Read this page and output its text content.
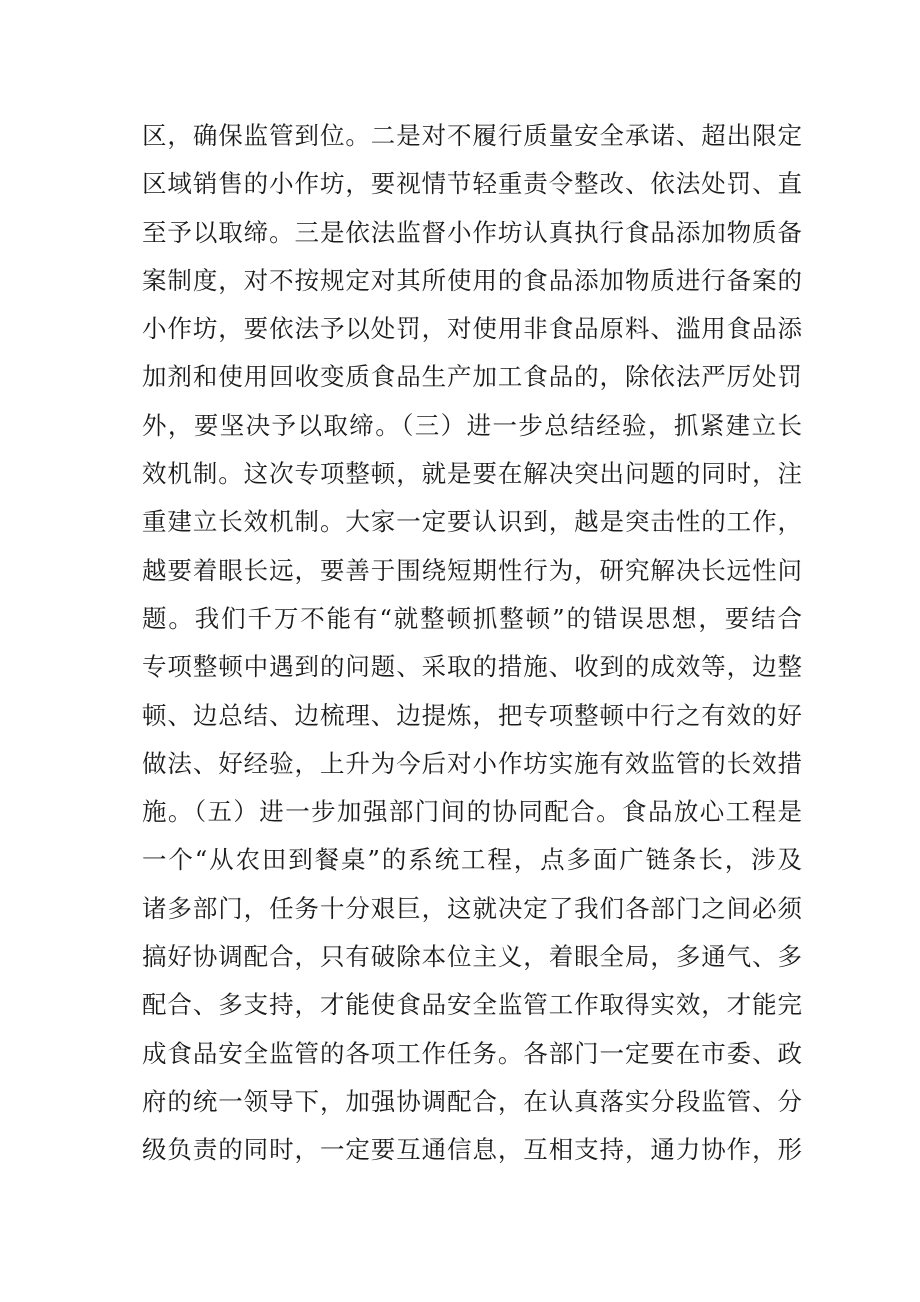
区，确保监管到位。二是对不履行质量安全承诺、超出限定
区域销售的小作坊，要视情节轻重责令整改、依法处罚、直
至予以取缔。三是依法监督小作坊认真执行食品添加物质备
案制度，对不按规定对其所使用的食品添加物质进行备案的
小作坊，要依法予以处罚，对使用非食品原料、滥用食品添
加剂和使用回收变质食品生产加工食品的，除依法严厉处罚
外，要坚决予以取缔。（三）进一步总结经验，抓紧建立长
效机制。这次专项整顿，就是要在解决突出问题的同时，注
重建立长效机制。大家一定要认识到，越是突击性的工作，
越要着眼长远，要善于围绕短期性行为，研究解决长远性问
题。我们千万不能有“就整顿抓整顿”的错误思想，要结合
专项整顿中遇到的问题、采取的措施、收到的成效等，边整
顿、边总结、边梳理、边提炼，把专项整顿中行之有效的好
做法、好经验，上升为今后对小作坊实施有效监管的长效措
施。（五）进一步加强部门间的协同配合。食品放心工程是
一个“从农田到餐桌”的系统工程，点多面广链条长，涉及
诸多部门，任务十分艰巨，这就决定了我们各部门之间必须
搞好协调配合，只有破除本位主义，着眼全局，多通气、多
配合、多支持，才能使食品安全监管工作取得实效，才能完
成食品安全监管的各项工作任务。各部门一定要在市委、政
府的统一领导下，加强协调配合，在认真落实分段监管、分
级负责的同时，一定要互通信息，互相支持，通力协作，形
